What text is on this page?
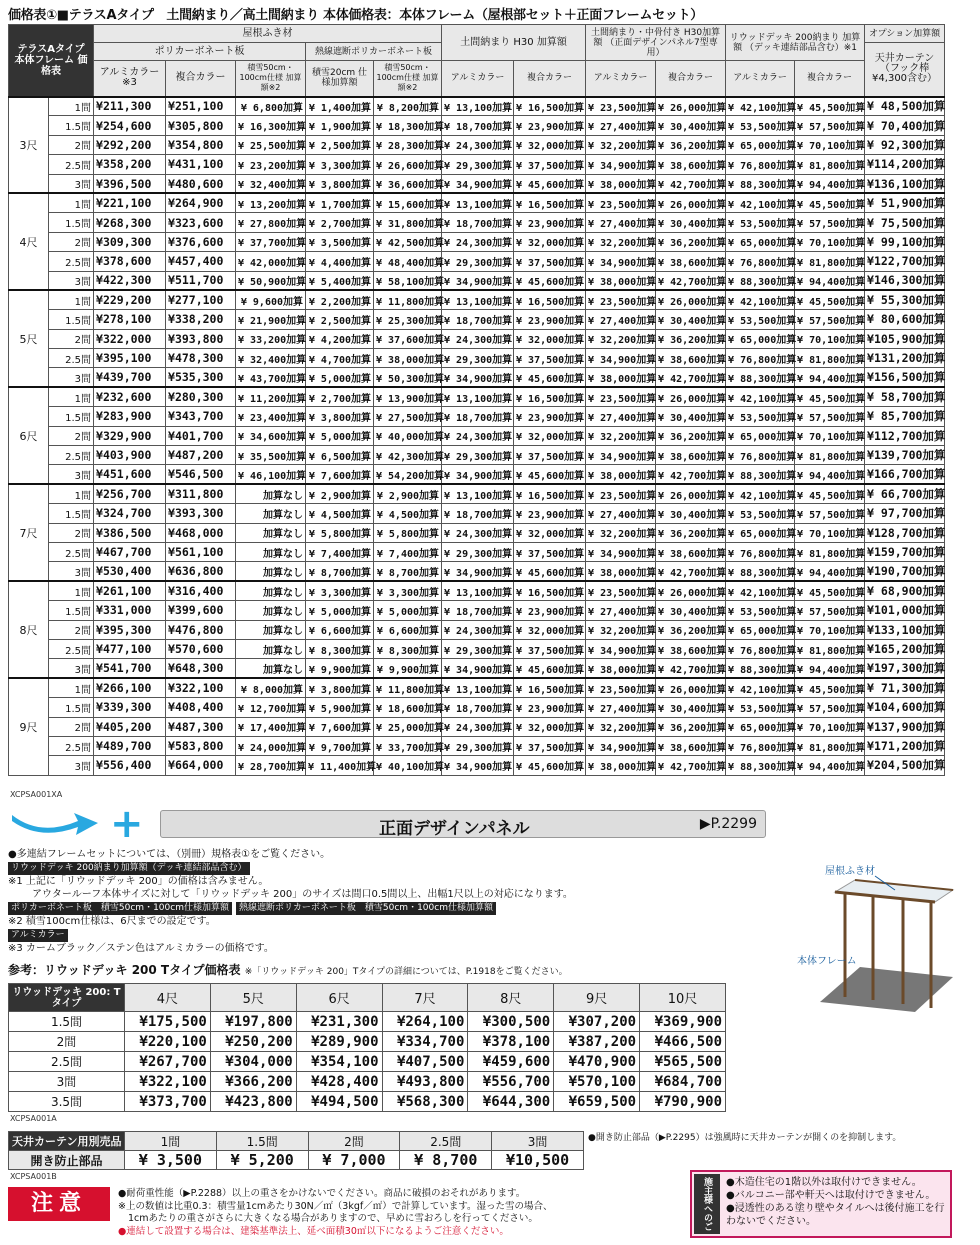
価格表①■テラスAタイプ　土間納まり／高土間納まり 本体価格表：本体フレーム（屋根部セット＋正面フレームセット）
テラスAタイプ 本体フレーム 価格表		屋根ふき材					土間納まり H30 加算額		土間納まり・中骨付き H30加算額 （正面デザインパネル7型専用）		リウッドデッキ 200納まり 加算額 （デッキ連結部品含む）※1		オプション加算額
		ポリカーボネート板			熱線遮断ポリカーボネート板								天井カーテン （フック棒 ¥4,300含む）
		アルミカラー ※3	複合カラー	積雪50cm・100cm仕様 加算額※2	積雪20cm 仕様加算額	積雪50cm・100cm仕様 加算額※2	アルミカラー	複合カラー	アルミカラー	複合カラー	アルミカラー	複合カラー	
3尺	1間	¥211,300	¥251,100	¥ 6,800加算	¥ 1,400加算	¥ 8,200加算	¥ 13,100加算	¥ 16,500加算	¥ 23,500加算	¥ 26,000加算	¥ 42,100加算	¥ 45,500加算	¥ 48,500加算
	1.5間	¥254,600	¥305,800	¥ 16,300加算	¥ 1,900加算	¥ 18,300加算	¥ 18,700加算	¥ 23,900加算	¥ 27,400加算	¥ 30,400加算	¥ 53,500加算	¥ 57,500加算	¥ 70,400加算
	2間	¥292,200	¥354,800	¥ 25,500加算	¥ 2,500加算	¥ 28,300加算	¥ 24,300加算	¥ 32,000加算	¥ 32,200加算	¥ 36,200加算	¥ 65,000加算	¥ 70,100加算	¥ 92,300加算
	2.5間	¥358,200	¥431,100	¥ 23,200加算	¥ 3,300加算	¥ 26,600加算	¥ 29,300加算	¥ 37,500加算	¥ 34,900加算	¥ 38,600加算	¥ 76,800加算	¥ 81,800加算	¥114,200加算
	3間	¥396,500	¥480,600	¥ 32,400加算	¥ 3,800加算	¥ 36,600加算	¥ 34,900加算	¥ 45,600加算	¥ 38,000加算	¥ 42,700加算	¥ 88,300加算	¥ 94,400加算	¥136,100加算
4尺	1間	¥221,100	¥264,900	¥ 13,200加算	¥ 1,700加算	¥ 15,600加算	¥ 13,100加算	¥ 16,500加算	¥ 23,500加算	¥ 26,000加算	¥ 42,100加算	¥ 45,500加算	¥ 51,900加算
	1.5間	¥268,300	¥323,600	¥ 27,800加算	¥ 2,700加算	¥ 31,800加算	¥ 18,700加算	¥ 23,900加算	¥ 27,400加算	¥ 30,400加算	¥ 53,500加算	¥ 57,500加算	¥ 75,500加算
	2間	¥309,300	¥376,600	¥ 37,700加算	¥ 3,500加算	¥ 42,500加算	¥ 24,300加算	¥ 32,000加算	¥ 32,200加算	¥ 36,200加算	¥ 65,000加算	¥ 70,100加算	¥ 99,100加算
	2.5間	¥378,600	¥457,400	¥ 42,000加算	¥ 4,400加算	¥ 48,400加算	¥ 29,300加算	¥ 37,500加算	¥ 34,900加算	¥ 38,600加算	¥ 76,800加算	¥ 81,800加算	¥122,700加算
	3間	¥422,300	¥511,700	¥ 50,900加算	¥ 5,400加算	¥ 58,100加算	¥ 34,900加算	¥ 45,600加算	¥ 38,000加算	¥ 42,700加算	¥ 88,300加算	¥ 94,400加算	¥146,300加算
5尺	1間	¥229,200	¥277,100	¥ 9,600加算	¥ 2,200加算	¥ 11,800加算	¥ 13,100加算	¥ 16,500加算	¥ 23,500加算	¥ 26,000加算	¥ 42,100加算	¥ 45,500加算	¥ 55,300加算
	1.5間	¥278,100	¥338,200	¥ 21,900加算	¥ 2,500加算	¥ 25,300加算	¥ 18,700加算	¥ 23,900加算	¥ 27,400加算	¥ 30,400加算	¥ 53,500加算	¥ 57,500加算	¥ 80,600加算
	2間	¥322,000	¥393,800	¥ 33,200加算	¥ 4,200加算	¥ 37,600加算	¥ 24,300加算	¥ 32,000加算	¥ 32,200加算	¥ 36,200加算	¥ 65,000加算	¥ 70,100加算	¥105,900加算
	2.5間	¥395,100	¥478,300	¥ 32,400加算	¥ 4,700加算	¥ 38,000加算	¥ 29,300加算	¥ 37,500加算	¥ 34,900加算	¥ 38,600加算	¥ 76,800加算	¥ 81,800加算	¥131,200加算
	3間	¥439,700	¥535,300	¥ 43,700加算	¥ 5,000加算	¥ 50,300加算	¥ 34,900加算	¥ 45,600加算	¥ 38,000加算	¥ 42,700加算	¥ 88,300加算	¥ 94,400加算	¥156,500加算
6尺	1間	¥232,600	¥280,300	¥ 11,200加算	¥ 2,700加算	¥ 13,900加算	¥ 13,100加算	¥ 16,500加算	¥ 23,500加算	¥ 26,000加算	¥ 42,100加算	¥ 45,500加算	¥ 58,700加算
	1.5間	¥283,900	¥343,700	¥ 23,400加算	¥ 3,800加算	¥ 27,500加算	¥ 18,700加算	¥ 23,900加算	¥ 27,400加算	¥ 30,400加算	¥ 53,500加算	¥ 57,500加算	¥ 85,700加算
	2間	¥329,900	¥401,700	¥ 34,600加算	¥ 5,000加算	¥ 40,000加算	¥ 24,300加算	¥ 32,000加算	¥ 32,200加算	¥ 36,200加算	¥ 65,000加算	¥ 70,100加算	¥112,700加算
	2.5間	¥403,900	¥487,200	¥ 35,500加算	¥ 6,500加算	¥ 42,300加算	¥ 29,300加算	¥ 37,500加算	¥ 34,900加算	¥ 38,600加算	¥ 76,800加算	¥ 81,800加算	¥139,700加算
	3間	¥451,600	¥546,500	¥ 46,100加算	¥ 7,600加算	¥ 54,200加算	¥ 34,900加算	¥ 45,600加算	¥ 38,000加算	¥ 42,700加算	¥ 88,300加算	¥ 94,400加算	¥166,700加算
7尺	1間	¥256,700	¥311,800	加算なし	¥ 2,900加算	¥ 2,900加算	¥ 13,100加算	¥ 16,500加算	¥ 23,500加算	¥ 26,000加算	¥ 42,100加算	¥ 45,500加算	¥ 66,700加算
	1.5間	¥324,700	¥393,300	加算なし	¥ 4,500加算	¥ 4,500加算	¥ 18,700加算	¥ 23,900加算	¥ 27,400加算	¥ 30,400加算	¥ 53,500加算	¥ 57,500加算	¥ 97,700加算
	2間	¥386,500	¥468,000	加算なし	¥ 5,800加算	¥ 5,800加算	¥ 24,300加算	¥ 32,000加算	¥ 32,200加算	¥ 36,200加算	¥ 65,000加算	¥ 70,100加算	¥128,700加算
	2.5間	¥467,700	¥561,100	加算なし	¥ 7,400加算	¥ 7,400加算	¥ 29,300加算	¥ 37,500加算	¥ 34,900加算	¥ 38,600加算	¥ 76,800加算	¥ 81,800加算	¥159,700加算
	3間	¥530,400	¥636,800	加算なし	¥ 8,700加算	¥ 8,700加算	¥ 34,900加算	¥ 45,600加算	¥ 38,000加算	¥ 42,700加算	¥ 88,300加算	¥ 94,400加算	¥190,700加算
8尺	1間	¥261,100	¥316,400	加算なし	¥ 3,300加算	¥ 3,300加算	¥ 13,100加算	¥ 16,500加算	¥ 23,500加算	¥ 26,000加算	¥ 42,100加算	¥ 45,500加算	¥ 68,900加算
	1.5間	¥331,000	¥399,600	加算なし	¥ 5,000加算	¥ 5,000加算	¥ 18,700加算	¥ 23,900加算	¥ 27,400加算	¥ 30,400加算	¥ 53,500加算	¥ 57,500加算	¥101,000加算
	2間	¥395,300	¥476,800	加算なし	¥ 6,600加算	¥ 6,600加算	¥ 24,300加算	¥ 32,000加算	¥ 32,200加算	¥ 36,200加算	¥ 65,000加算	¥ 70,100加算	¥133,100加算
	2.5間	¥477,100	¥570,600	加算なし	¥ 8,300加算	¥ 8,300加算	¥ 29,300加算	¥ 37,500加算	¥ 34,900加算	¥ 38,600加算	¥ 76,800加算	¥ 81,800加算	¥165,200加算
	3間	¥541,700	¥648,300	加算なし	¥ 9,900加算	¥ 9,900加算	¥ 34,900加算	¥ 45,600加算	¥ 38,000加算	¥ 42,700加算	¥ 88,300加算	¥ 94,400加算	¥197,300加算
9尺	1間	¥266,100	¥322,100	¥ 8,000加算	¥ 3,800加算	¥ 11,800加算	¥ 13,100加算	¥ 16,500加算	¥ 23,500加算	¥ 26,000加算	¥ 42,100加算	¥ 45,500加算	¥ 71,300加算
	1.5間	¥339,300	¥408,400	¥ 12,700加算	¥ 5,900加算	¥ 18,600加算	¥ 18,700加算	¥ 23,900加算	¥ 27,400加算	¥ 30,400加算	¥ 53,500加算	¥ 57,500加算	¥104,600加算
	2間	¥405,200	¥487,300	¥ 17,400加算	¥ 7,600加算	¥ 25,000加算	¥ 24,300加算	¥ 32,000加算	¥ 32,200加算	¥ 36,200加算	¥ 65,000加算	¥ 70,100加算	¥137,900加算
	2.5間	¥489,700	¥583,800	¥ 24,000加算	¥ 9,700加算	¥ 33,700加算	¥ 29,300加算	¥ 37,500加算	¥ 34,900加算	¥ 38,600加算	¥ 76,800加算	¥ 81,800加算	¥171,200加算
	3間	¥556,400	¥664,000	¥ 28,700加算	¥ 11,400加算	¥ 40,100加算	¥ 34,900加算	¥ 45,600加算	¥ 38,000加算	¥ 42,700加算	¥ 88,300加算	¥ 94,400加算	¥204,500加算
XCPSA001XA
+	正面デザインパネル	▶P.2299
●多連結フレームセットについては、（別冊）規格表①をご覧ください。
リウッドデッキ 200納まり加算額（デッキ連結部品含む）
※1 上記に「リウッドデッキ 200」の価格は含みません。
アウタールーフ本体サイズに対して「リウッドデッキ 200」のサイズは間口0.5間以上、出幅1尺以上の対応になります。
ポリカーボネート板　積雪50cm・100cm仕様加算額 熱線遮断ポリカーボネート板　積雪50cm・100cm仕様加算額
※2 積雪100cm仕様は、6尺までの設定です。
アルミカラー
※3 カームブラック／ステン色はアルミカラーの価格です。
屋根ふき材
本体フレーム
参考：リウッドデッキ 200 Tタイプ価格表 ※「リウッドデッキ 200」Tタイプの詳細については、P.1918をご覧ください。
リウッドデッキ 200: Tタイプ	4尺	5尺	6尺	7尺	8尺	9尺	10尺
1.5間	¥175,500	¥197,800	¥231,300	¥264,100	¥300,500	¥307,200	¥369,900
2間	¥220,100	¥250,200	¥289,900	¥334,700	¥378,100	¥387,200	¥466,500
2.5間	¥267,700	¥304,000	¥354,100	¥407,500	¥459,600	¥470,900	¥565,500
3間	¥322,100	¥366,200	¥428,400	¥493,800	¥556,700	¥570,100	¥684,700
3.5間	¥373,700	¥423,800	¥494,500	¥568,300	¥644,300	¥659,500	¥790,900
XCPSA001A
天井カーテン用別売品	1間	1.5間	2間	2.5間	3間
開き防止部品	¥ 3,500	¥ 5,200	¥ 7,000	¥ 8,700	¥10,500
XCPSA001B
●開き防止部品（▶P.2295）は強風時に天井カーテンが開くのを抑制します。
注意	●耐荷重性能（▶P.2288）以上の重さをかけないでください。商品に破損のおそれがあります。
※上の数値は比重0.3：積雪量1cmあたり30N／㎡（3kgf／㎡）で計算しています。湿った雪の場合、
1cmあたりの重さがさらに大きくなる場合がありますので、早めに雪おろしを行ってください。
●連結して設置する場合は、建築基準法上、延べ面積30㎡以下になるようご注意ください。	施主様へのご注意
●木造住宅の1階以外は取付けできません。
●バルコニー部や軒天へは取付けできません。
●浸透性のある塗り壁やタイルへは後付施工を行わないでください。
